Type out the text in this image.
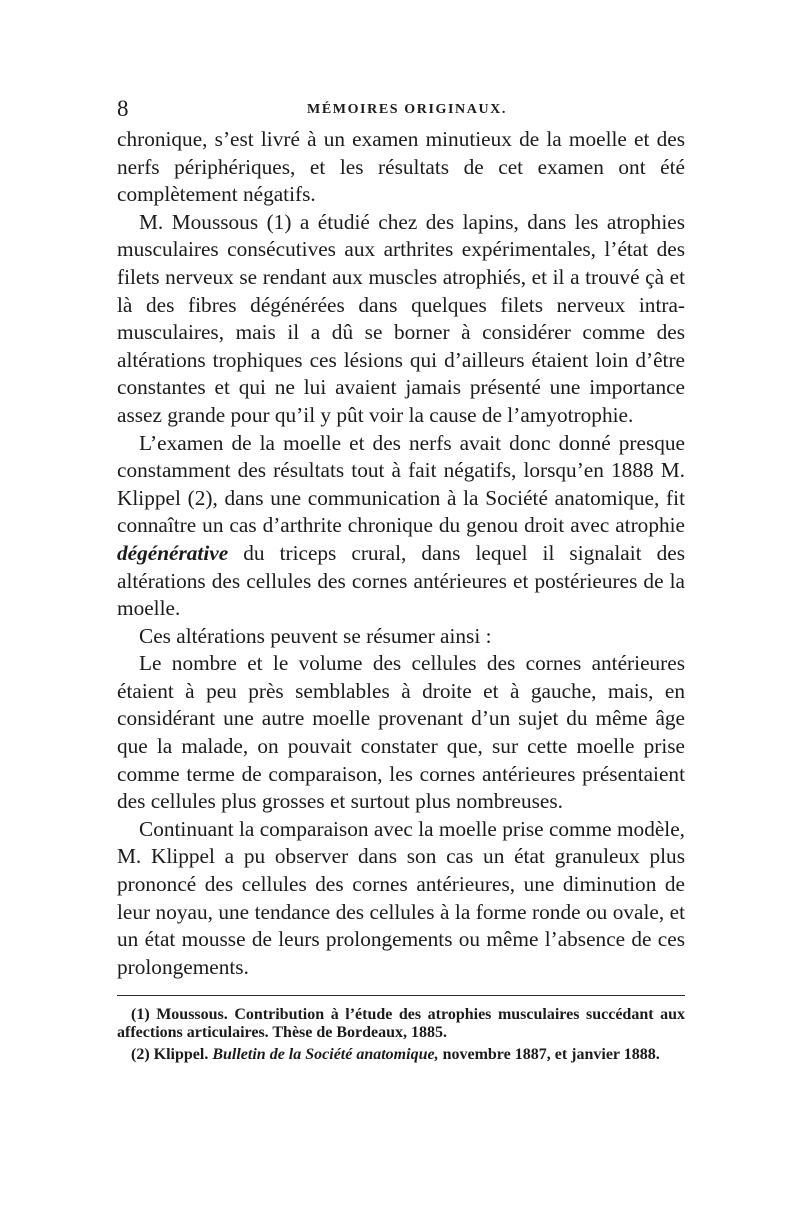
8	MÉMOIRES ORIGINAUX.

chronique, s’est livré à un examen minutieux de la moelle et des nerfs périphériques, et les résultats de cet examen ont été complètement négatifs.

M. Moussous (1) a étudié chez des lapins, dans les atrophies musculaires consécutives aux arthrites expérimentales, l’état des filets nerveux se rendant aux muscles atrophiés, et il a trouvé çà et là des fibres dégénérées dans quelques filets nerveux intra-musculaires, mais il a dû se borner à considérer comme des altérations trophiques ces lésions qui d’ailleurs étaient loin d’être constantes et qui ne lui avaient jamais présenté une importance assez grande pour qu’il y pût voir la cause de l’amyotrophie.

L’examen de la moelle et des nerfs avait donc donné presque constamment des résultats tout à fait négatifs, lorsqu’en 1888 M. Klippel (2), dans une communication à la Société anatomique, fit connaître un cas d’arthrite chronique du genou droit avec atrophie dégénérative du triceps crural, dans lequel il signalait des altérations des cellules des cornes antérieures et postérieures de la moelle.

Ces altérations peuvent se résumer ainsi :

Le nombre et le volume des cellules des cornes antérieures étaient à peu près semblables à droite et à gauche, mais, en considérant une autre moelle provenant d’un sujet du même âge que la malade, on pouvait constater que, sur cette moelle prise comme terme de comparaison, les cornes antérieures présentaient des cellules plus grosses et surtout plus nombreuses.

Continuant la comparaison avec la moelle prise comme modèle, M. Klippel a pu observer dans son cas un état granuleux plus prononcé des cellules des cornes antérieures, une diminution de leur noyau, une tendance des cellules à la forme ronde ou ovale, et un état mousse de leurs prolongements ou même l’absence de ces prolongements.

(1) Moussous. Contribution à l’étude des atrophies musculaires succédant aux affections articulaires. Thèse de Bordeaux, 1885.

(2) Klippel. Bulletin de la Société anatomique, novembre 1887, et janvier 1888.
